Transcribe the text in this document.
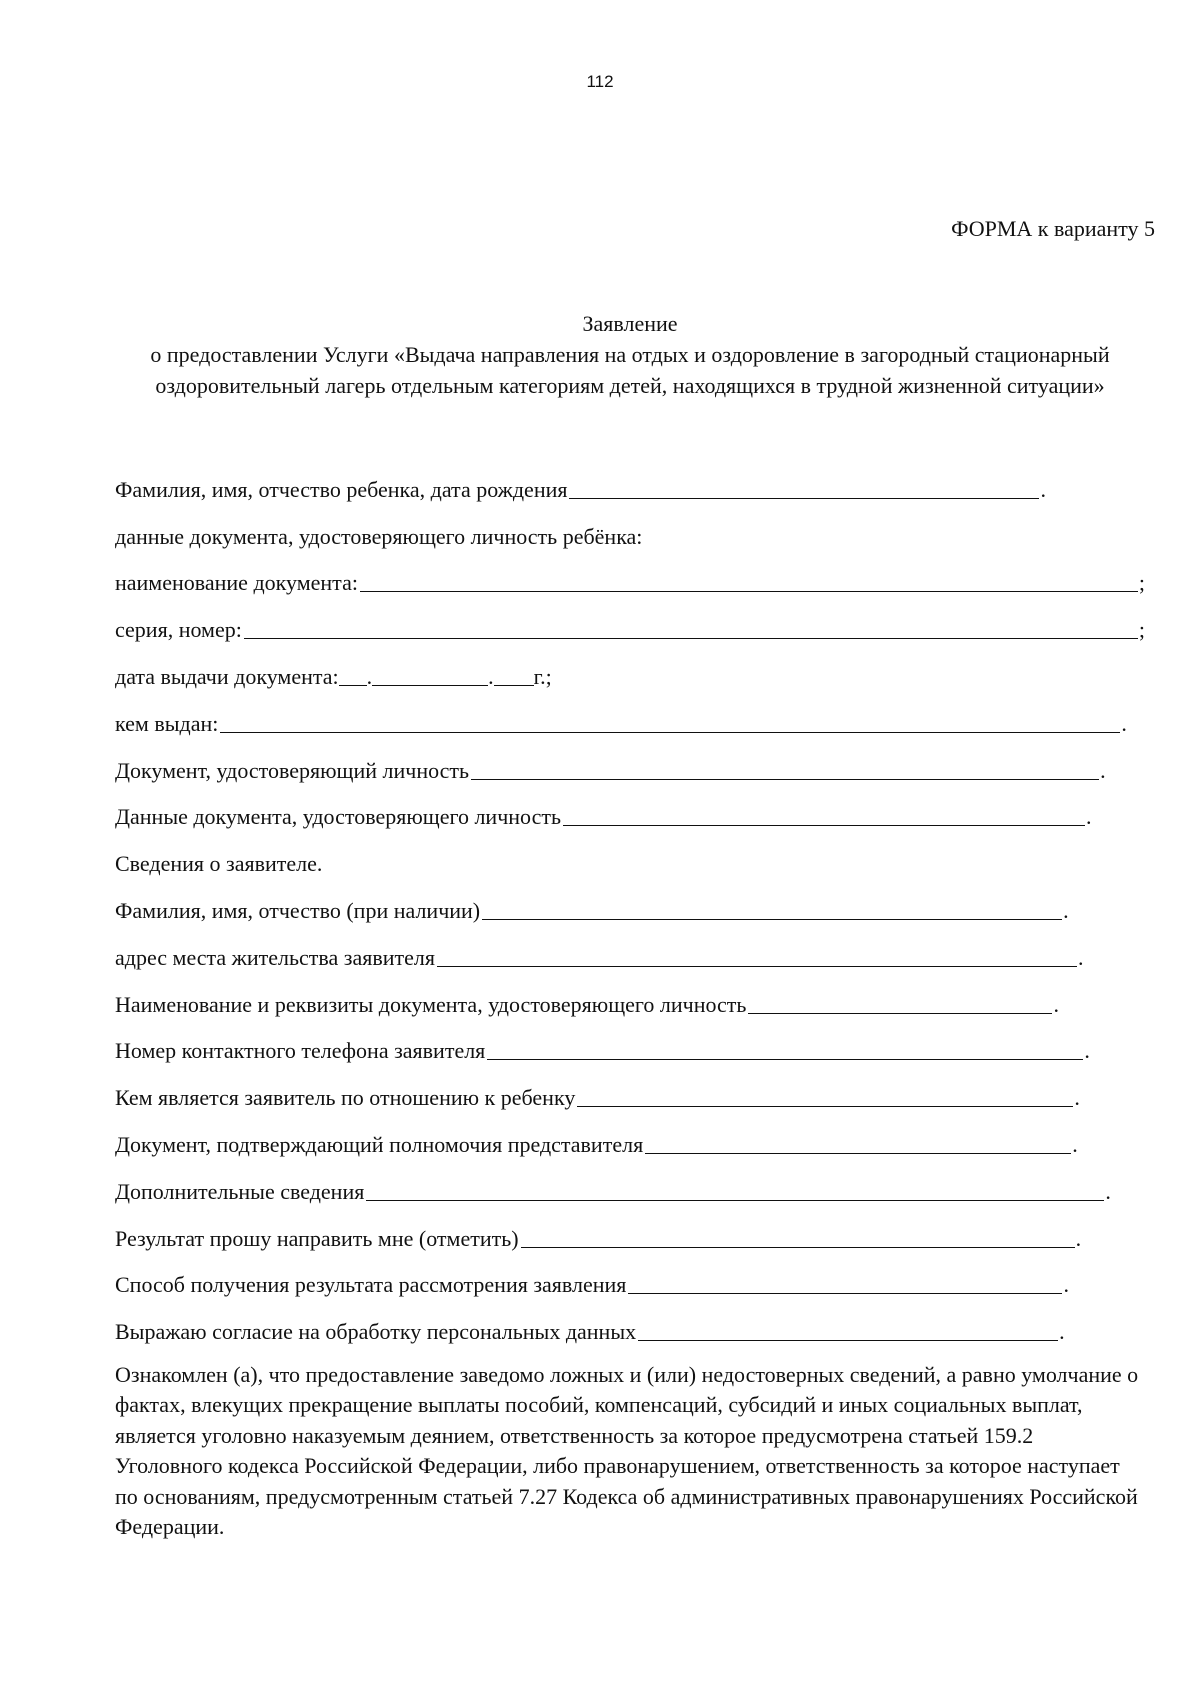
112
ФОРМА к варианту 5
Заявление
о предоставлении Услуги «Выдача направления на отдых и оздоровление в загородный стационарный оздоровительный лагерь отдельным категориям детей, находящихся в трудной жизненной ситуации»
Фамилия, имя, отчество ребенка, дата рождения	.
данные документа, удостоверяющего личность ребёнка:
наименование документа:	;
серия, номер:	;
дата выдачи документа: .	. г.;
кем выдан:	.
Документ, удостоверяющий личность	.
Данные документа, удостоверяющего личность	.
Сведения о заявителе.
Фамилия, имя, отчество (при наличии)	.
адрес места жительства заявителя	.
Наименование и реквизиты документа, удостоверяющего личность	.
Номер контактного телефона заявителя	.
Кем является заявитель по отношению к ребенку	.
Документ, подтверждающий полномочия представителя	.
Дополнительные сведения	.
Результат прошу направить мне (отметить)	.
Способ получения результата рассмотрения заявления	.
Выражаю согласие на обработку персональных данных	.
Ознакомлен (а), что предоставление заведомо ложных и (или) недостоверных сведений, а равно умолчание о фактах, влекущих прекращение выплаты пособий, компенсаций, субсидий и иных социальных выплат, является уголовно наказуемым деянием, ответственность за которое предусмотрена статьей 159.2 Уголовного кодекса Российской Федерации, либо правонарушением, ответственность за которое наступает по основаниям, предусмотренным статьей 7.27 Кодекса об административных правонарушениях Российской Федерации.
